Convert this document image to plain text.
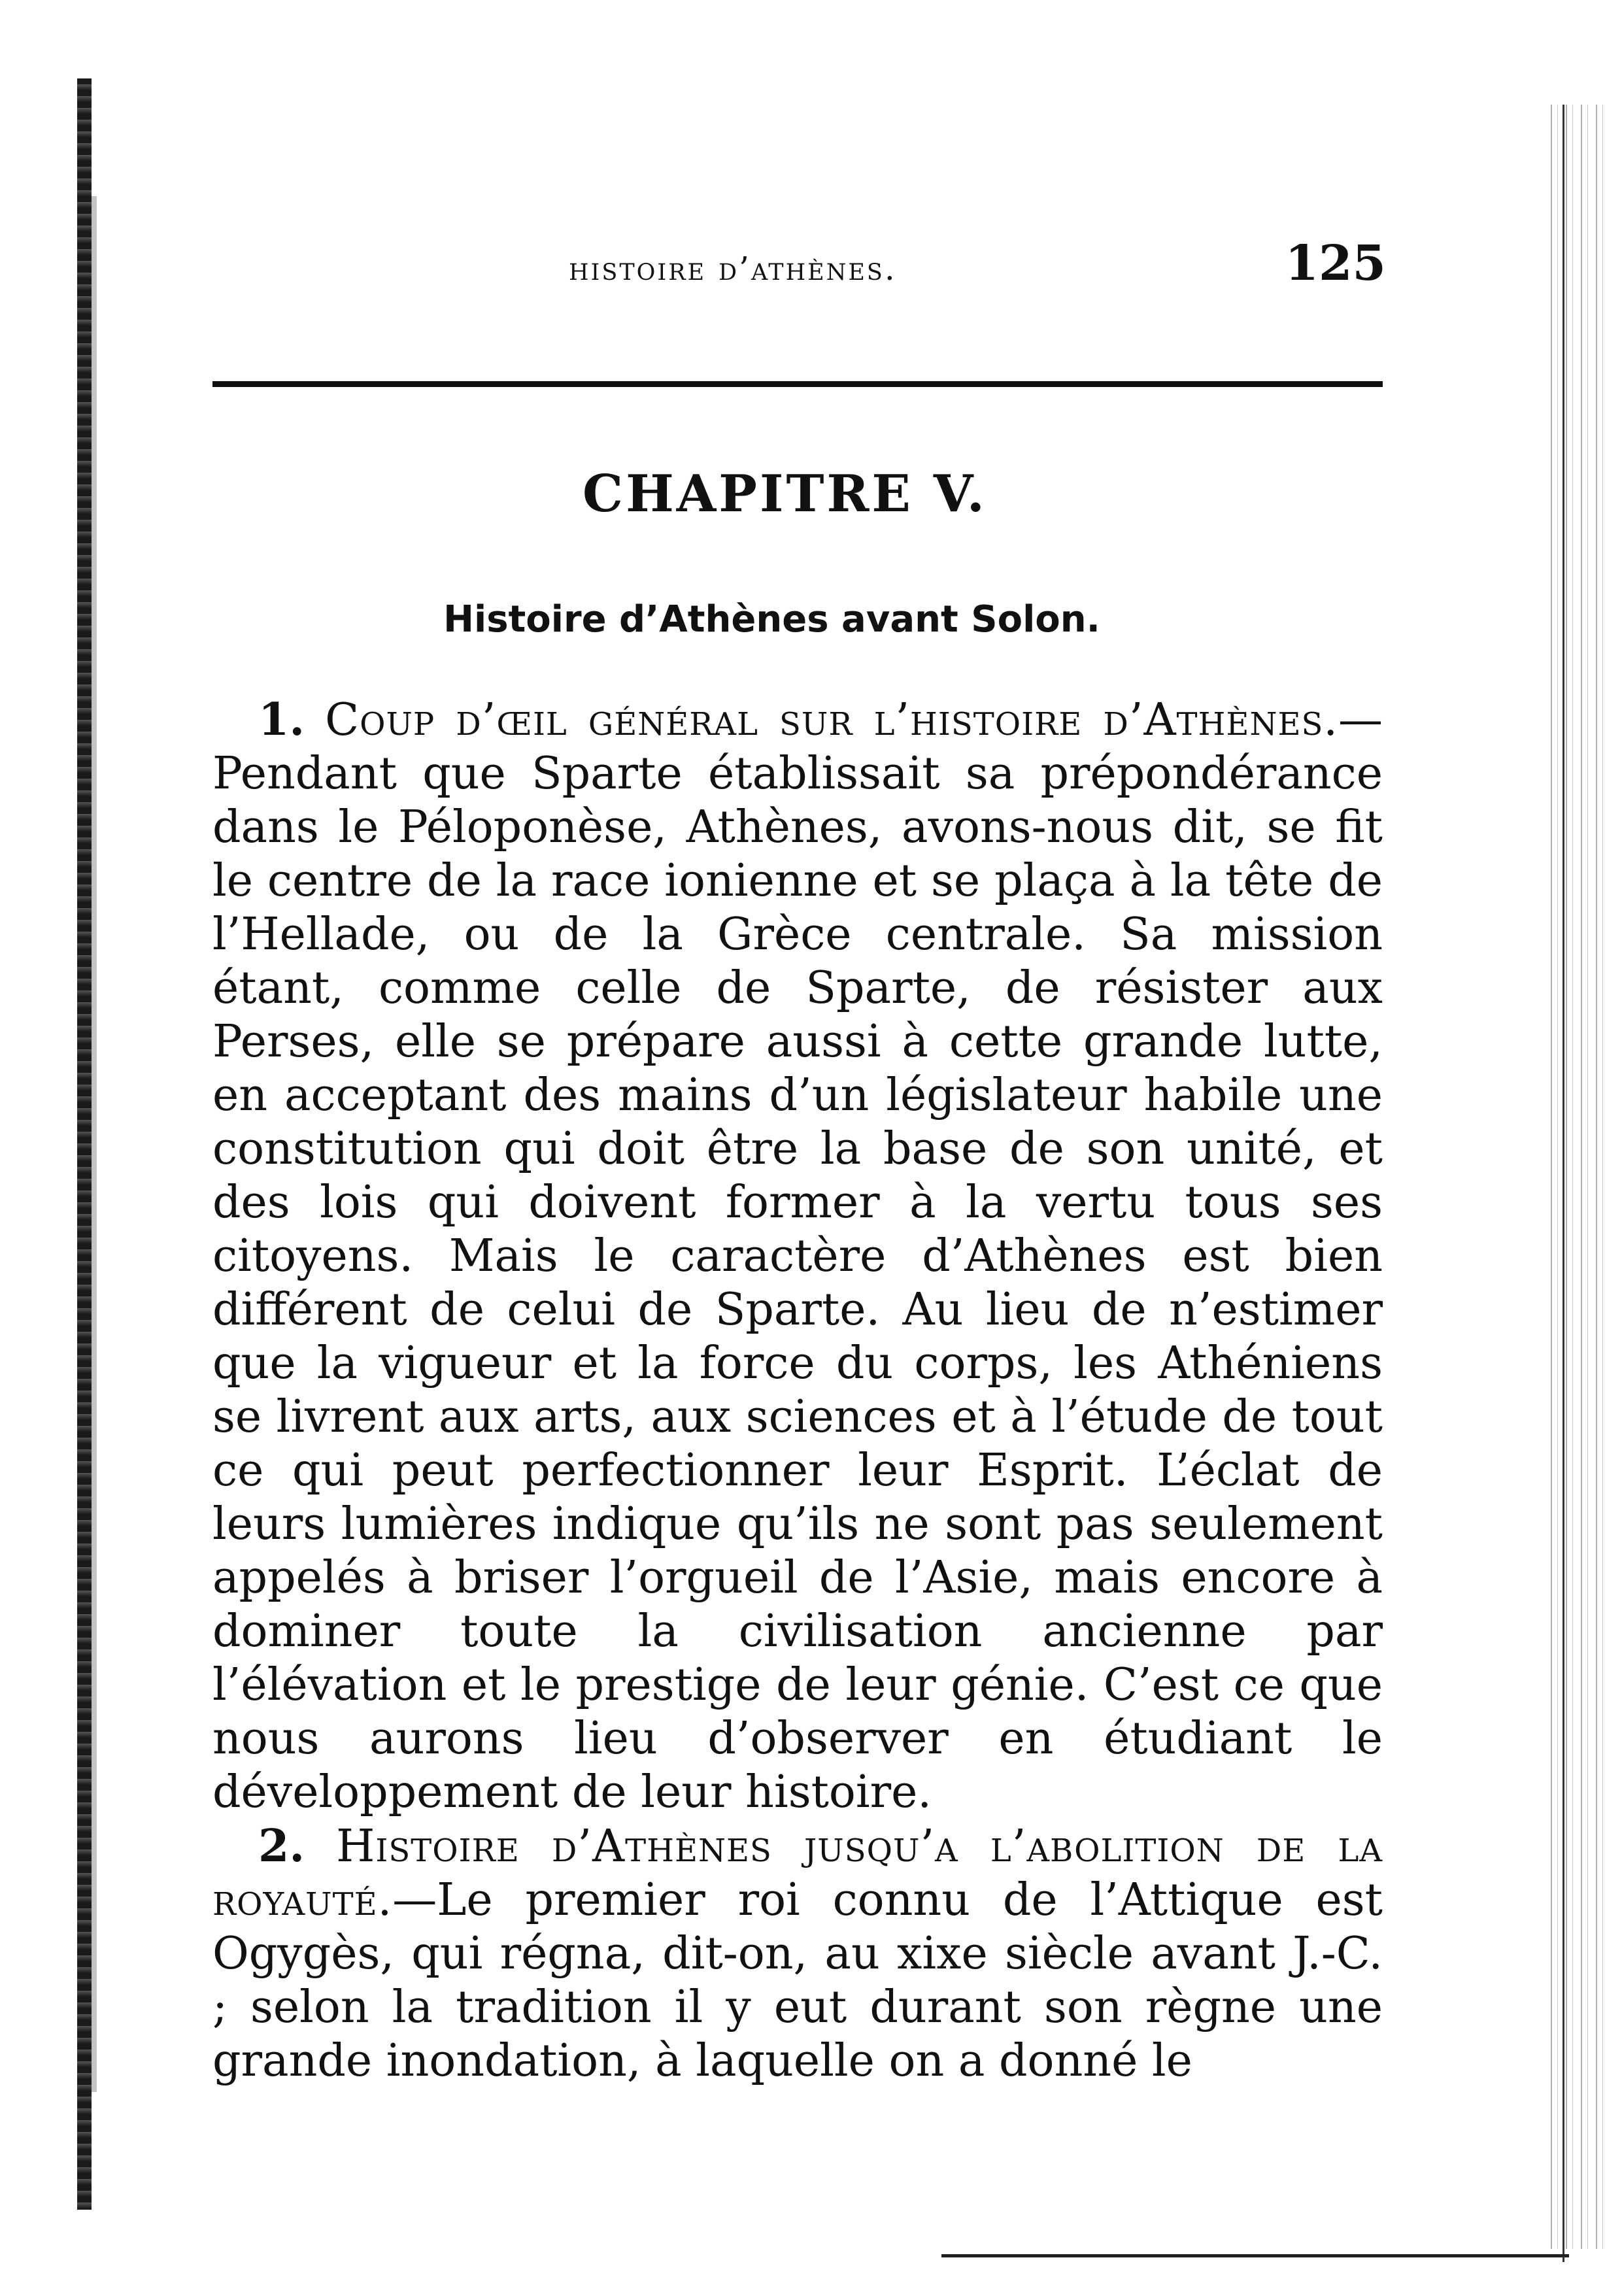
histoire d’athènes.	125
CHAPITRE V.
Histoire d’Athènes avant Solon.

1. Coup d’œil général sur l’histoire d’Athènes.—Pendant que Sparte établissait sa prépondérance dans le Péloponèse, Athènes, avons-nous dit, se fit le centre de la race ionienne et se plaça à la tête de l’Hellade, ou de la Grèce centrale. Sa mission étant, comme celle de Sparte, de résister aux Perses, elle se prépare aussi à cette grande lutte, en acceptant des mains d’un législateur habile une constitution qui doit être la base de son unité, et des lois qui doivent former à la vertu tous ses citoyens. Mais le caractère d’Athènes est bien différent de celui de Sparte. Au lieu de n’estimer que la vigueur et la force du corps, les Athéniens se livrent aux arts, aux sciences et à l’étude de tout ce qui peut perfectionner leur Esprit. L’éclat de leurs lumières indique qu’ils ne sont pas seulement appelés à briser l’orgueil de l’Asie, mais encore à dominer toute la civilisation ancienne par l’élévation et le prestige de leur génie. C’est ce que nous aurons lieu d’observer en étudiant le développement de leur histoire.

2. Histoire d’Athènes jusqu’a l’abolition de la royauté.—Le premier roi connu de l’Attique est Ogygès, qui régna, dit-on, au xixe siècle avant J.-C. ; selon la tradition il y eut durant son règne une grande inondation, à laquelle on a donné le
